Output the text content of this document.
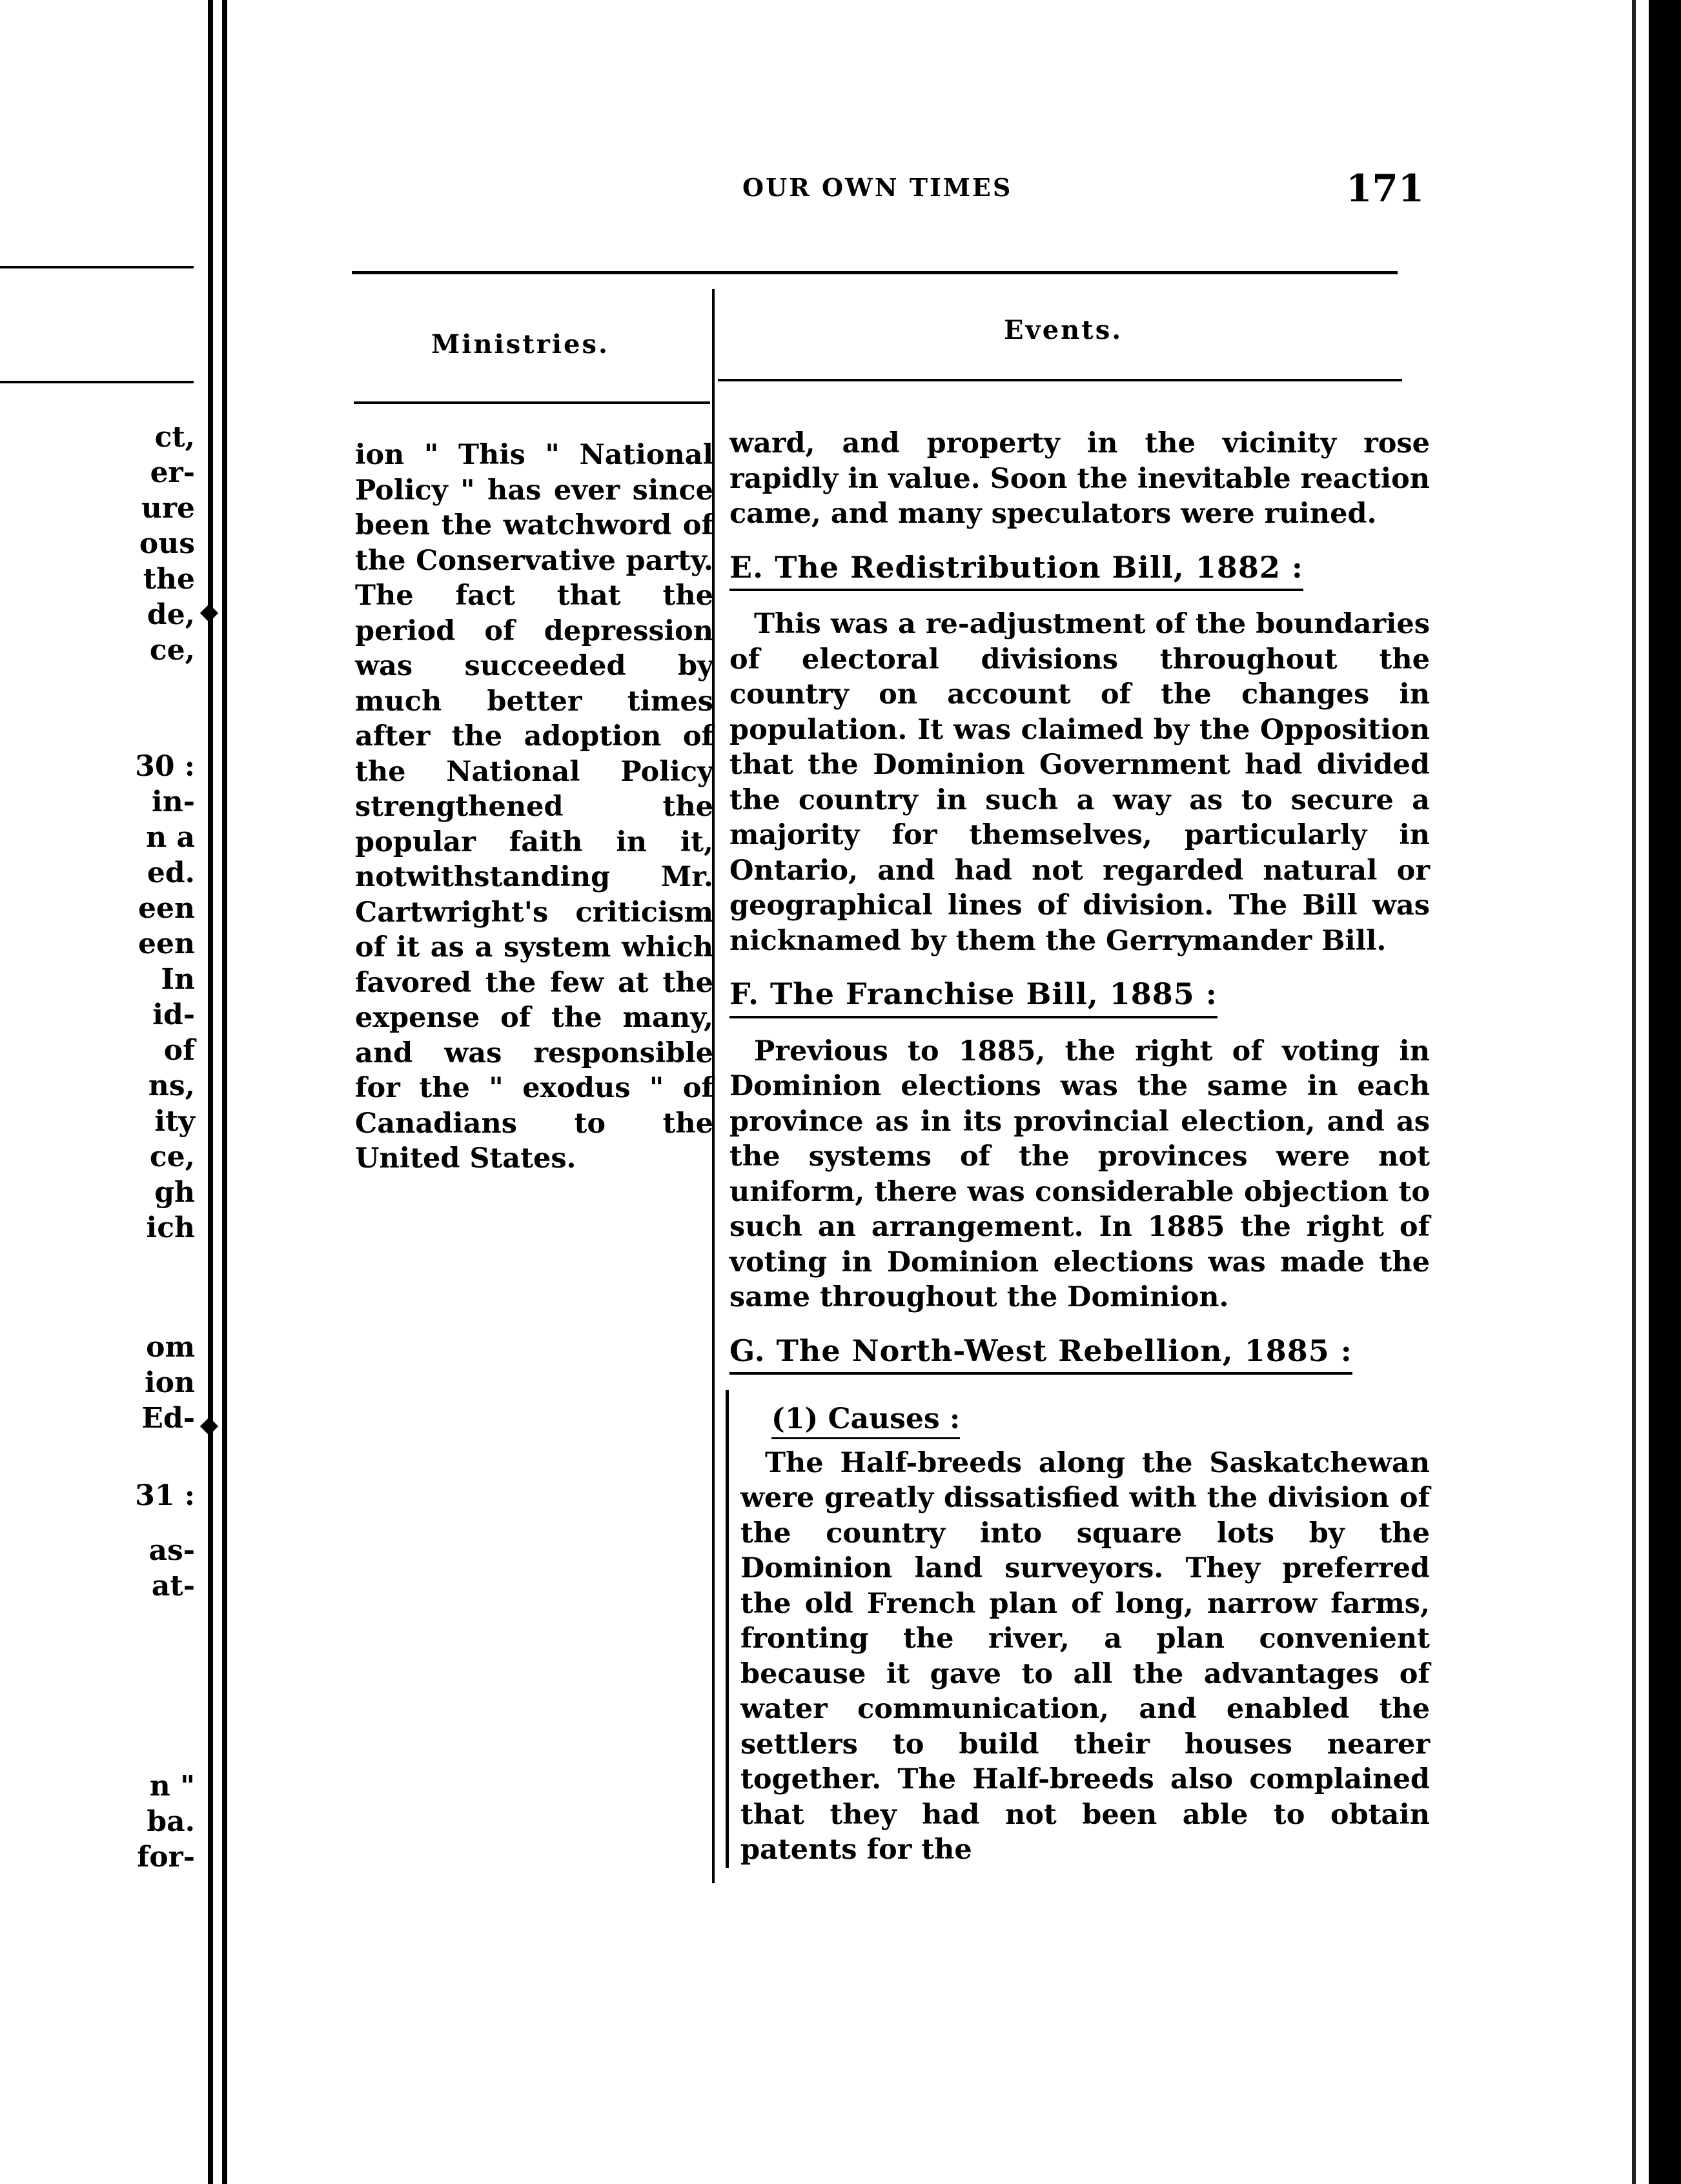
ct,
er-
ure
ous
the
de,
ce,
30 :
in-
n a
ed.
een
een
In
id-
of
ns,
ity
ce,
gh
ich
om
ion
Ed-
31 :
as-
at-
n "
ba.
for-
OUR OWN TIMES	171
Ministries.	Events.

ion " This " National Policy " has ever since been the watchword of the Conservative party. The fact that the period of depression was succeeded by much better times after the adoption of the National Policy strengthened the popular faith in it, notwithstanding Mr. Cartwright's criticism of it as a system which favored the few at the expense of the many, and was responsible for the " exodus " of Canadians to the United States.

ward, and property in the vicinity rose rapidly in value. Soon the inevitable reaction came, and many speculators were ruined.

E. The Redistribution Bill, 1882 :

This was a re-adjustment of the boundaries of electoral divisions throughout the country on account of the changes in population. It was claimed by the Opposition that the Dominion Government had divided the country in such a way as to secure a majority for themselves, particularly in Ontario, and had not regarded natural or geographical lines of division. The Bill was nicknamed by them the Gerrymander Bill.

F. The Franchise Bill, 1885 :

Previous to 1885, the right of voting in Dominion elections was the same in each province as in its provincial election, and as the systems of the provinces were not uniform, there was considerable objection to such an arrangement. In 1885 the right of voting in Dominion elections was made the same throughout the Dominion.

G. The North-West Rebellion, 1885 :
(1) Causes :

The Half-breeds along the Saskatchewan were greatly dissatisfied with the division of the country into square lots by the Dominion land surveyors. They preferred the old French plan of long, narrow farms, fronting the river, a plan convenient because it gave to all the advantages of water communication, and enabled the settlers to build their houses nearer together. The Half-breeds also complained that they had not been able to obtain patents for the
